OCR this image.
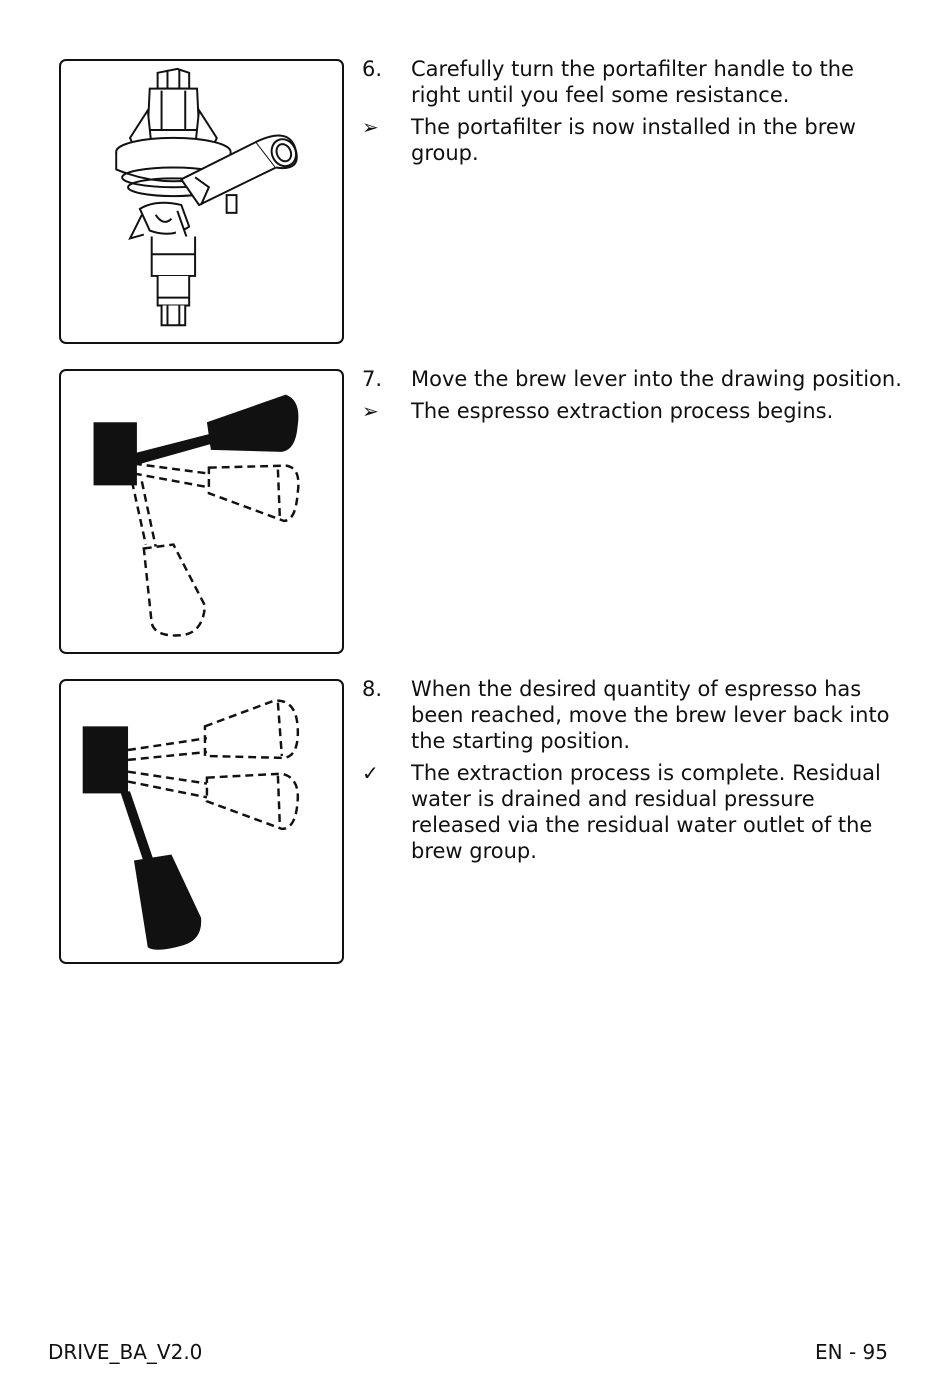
6.	Carefully turn the portafilter handle to the right until you feel some resistance.
➢	The portafilter is now installed in the brew group.
7.	Move the brew lever into the drawing position.
➢	The espresso extraction process begins.
8.	When the desired quantity of espresso has been reached, move the brew lever back into the starting position.
✓	The extraction process is complete. Residual water is drained and residual pressure released via the residual water outlet of the brew group.
DRIVE_BA_V2.0	EN - 95
